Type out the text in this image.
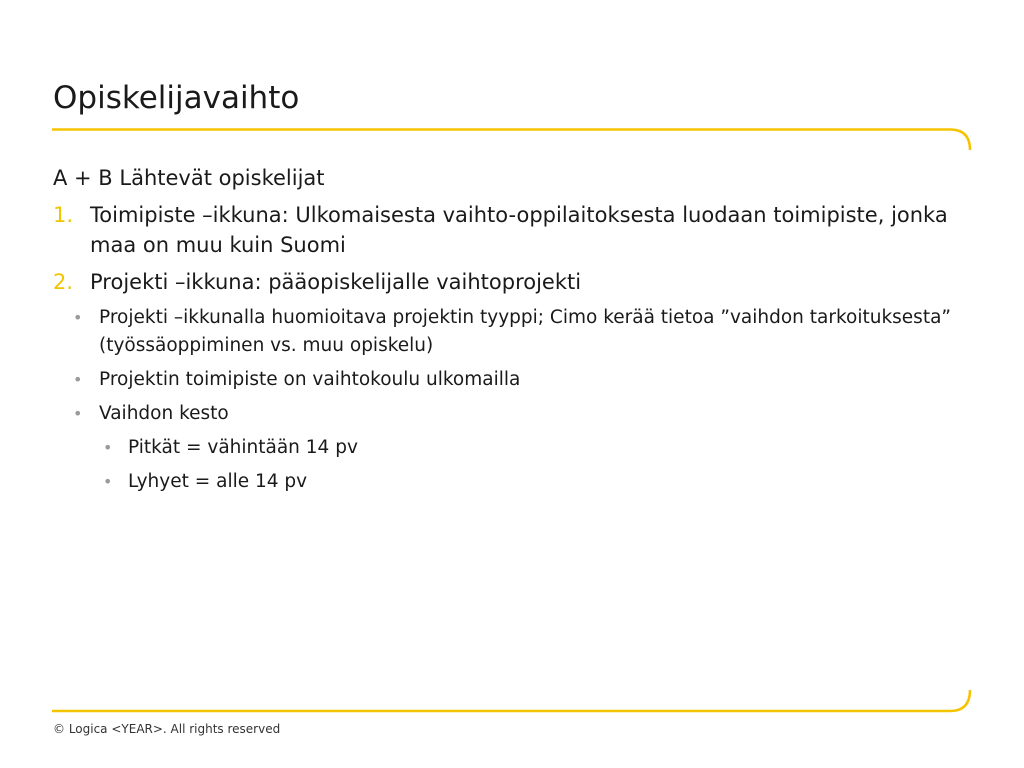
Opiskelijavaihto

A + B Lähtevät opiskelijat

1. Toimipiste –ikkuna: Ulkomaisesta vaihto-oppilaitoksesta luodaan toimipiste, jonka maa on muu kuin Suomi
2. Projekti –ikkuna: pääopiskelijalle vaihtoprojekti
• Projekti –ikkunalla huomioitava projektin tyyppi; Cimo kerää tietoa ”vaihdon tarkoituksesta” (työssäoppiminen vs. muu opiskelu)
• Projektin toimipiste on vaihtokoulu ulkomailla
• Vaihdon kesto
• Pitkät = vähintään 14 pv
• Lyhyet = alle 14 pv
© Logica <YEAR>. All rights reserved
